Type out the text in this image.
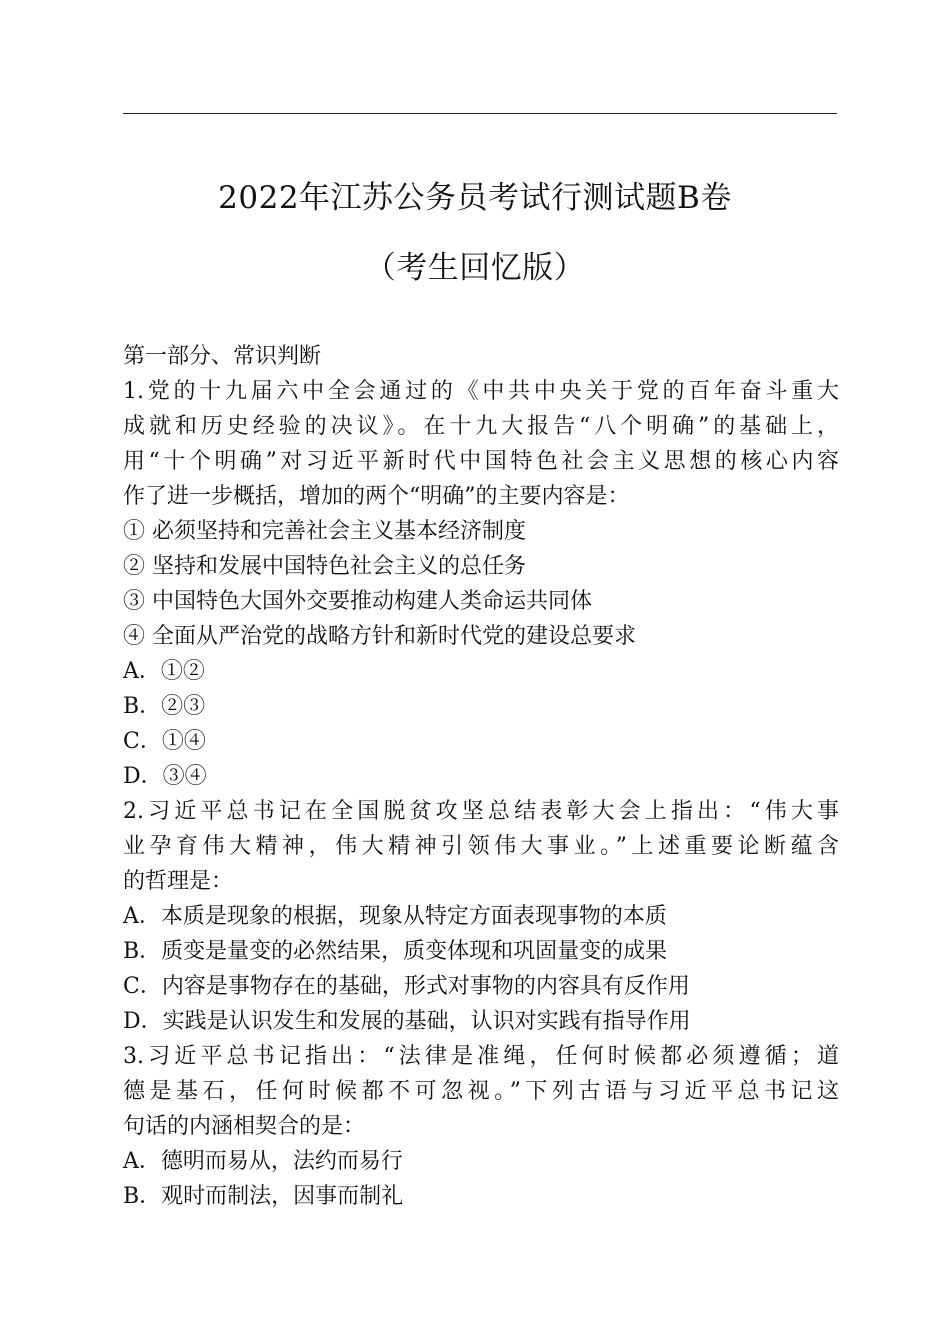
2022年江苏公务员考试行测试题B卷
（考生回忆版）
第一部分、常识判断
1.党的十九届六中全会通过的《中共中央关于党的百年奋斗重大
成就和历史经验的决议》。在十九大报告“八个明确”的基础上，
用“十个明确”对习近平新时代中国特色社会主义思想的核心内容
作了进一步概括，增加的两个“明确”的主要内容是：
① 必须坚持和完善社会主义基本经济制度
② 坚持和发展中国特色社会主义的总任务
③ 中国特色大国外交要推动构建人类命运共同体
④ 全面从严治党的战略方针和新时代党的建设总要求
A．①②
B．②③
C．①④
D．③④
2.习近平总书记在全国脱贫攻坚总结表彰大会上指出：“伟大事
业孕育伟大精神，伟大精神引领伟大事业。”上述重要论断蕴含
的哲理是：
A．本质是现象的根据，现象从特定方面表现事物的本质
B．质变是量变的必然结果，质变体现和巩固量变的成果
C．内容是事物存在的基础，形式对事物的内容具有反作用
D．实践是认识发生和发展的基础，认识对实践有指导作用
3.习近平总书记指出：“法律是准绳，任何时候都必须遵循；道
德是基石，任何时候都不可忽视。”下列古语与习近平总书记这
句话的内涵相契合的是：
A．德明而易从，法约而易行
B．观时而制法，因事而制礼
